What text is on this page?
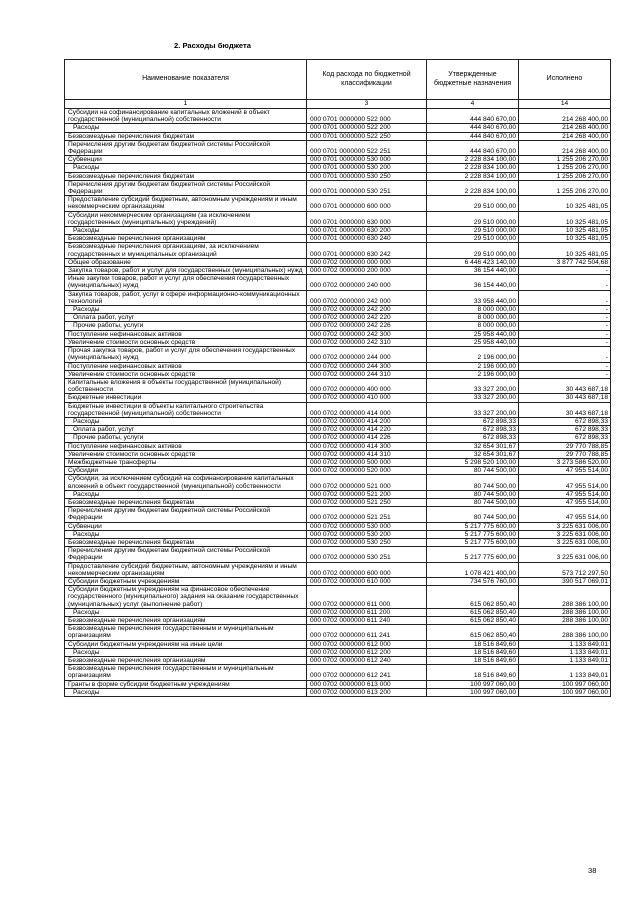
2. Расходы бюджета
Наименование показателя	Код расхода по бюджетной классификации	Утвержденные бюджетные назначения	Исполнено
1	3	4	14
Субсидии на софинансирование капитальных вложений в объект государственной (муниципальной) собственности	000 0701 0000000 522 000	444 840 670,00	214 268 400,00
Расходы	000 0701 0000000 522 200	444 840 670,00	214 268 400,00
Безвозмездные перечисления бюджетам	000 0701 0000000 522 250	444 840 670,00	214 268 400,00
Перечисления другим бюджетам бюджетной системы Российской Федерации	000 0701 0000000 522 251	444 840 670,00	214 268 400,00
Субвенции	000 0701 0000000 530 000	2 228 834 100,00	1 255 206 270,00
Расходы	000 0701 0000000 530 200	2 228 834 100,00	1 255 206 270,00
Безвозмездные перечисления бюджетам	000 0701 0000000 530 250	2 228 834 100,00	1 255 206 270,00
Перечисления другим бюджетам бюджетной системы Российской Федерации	000 0701 0000000 530 251	2 228 834 100,00	1 255 206 270,00
Предоставление субсидий бюджетным, автономным учреждениям и иным некоммерческим организациям	000 0701 0000000 600 000	29 510 000,00	10 325 481,05
Субсидии некоммерческим организациям (за исключением государственных (муниципальных) учреждений)	000 0701 0000000 630 000	29 510 000,00	10 325 481,05
Расходы	000 0701 0000000 630 200	29 510 000,00	10 325 481,05
Безвозмездные перечисления организациям	000 0701 0000000 630 240	29 510 000,00	10 325 481,05
Безвозмездные перечисления организациям, за исключением государственных и муниципальных организаций	000 0701 0000000 630 242	29 510 000,00	10 325 481,05
Общее образование	000 0702 0000000 000 000	6 446 423 140,00	3 877 742 504,68
Закупка товаров, работ и услуг для государственных (муниципальных) нужд	000 0702 0000000 200 000	36 154 440,00	-
Иные закупки товаров, работ и услуг для обеспечения государственных (муниципальных) нужд	000 0702 0000000 240 000	36 154 440,00	-
Закупка товаров, работ, услуг в сфере информационно-коммуникационных технологий	000 0702 0000000 242 000	33 958 440,00	-
Расходы	000 0702 0000000 242 200	8 000 000,00	-
Оплата работ, услуг	000 0702 0000000 242 220	8 000 000,00	-
Прочие работы, услуги	000 0702 0000000 242 226	8 000 000,00	-
Поступление нефинансовых активов	000 0702 0000000 242 300	25 958 440,00	-
Увеличение стоимости основных средств	000 0702 0000000 242 310	25 958 440,00	-
Прочая закупка товаров, работ и услуг для обеспечения государственных (муниципальных) нужд	000 0702 0000000 244 000	2 196 000,00	-
Поступление нефинансовых активов	000 0702 0000000 244 300	2 196 000,00	-
Увеличение стоимости основных средств	000 0702 0000000 244 310	2 196 000,00	-
Капитальные вложения в объекты государственной (муниципальной) собственности	000 0702 0000000 400 000	33 327 200,00	30 443 687,18
Бюджетные инвестиции	000 0702 0000000 410 000	33 327 200,00	30 443 687,18
Бюджетные инвестиции в объекты капитального строительства государственной (муниципальной) собственности	000 0702 0000000 414 000	33 327 200,00	30 443 687,18
Расходы	000 0702 0000000 414 200	672 898,33	672 898,33
Оплата работ, услуг	000 0702 0000000 414 220	672 898,33	672 898,33
Прочие работы, услуги	000 0702 0000000 414 226	672 898,33	672 898,33
Поступление нефинансовых активов	000 0702 0000000 414 300	32 654 301,67	29 770 788,85
Увеличение стоимости основных средств	000 0702 0000000 414 310	32 654 301,67	29 770 788,85
Межбюджетные трансферты	000 0702 0000000 500 000	5 298 520 100,00	3 273 586 520,00
Субсидии	000 0702 0000000 520 000	80 744 500,00	47 955 514,00
Субсидии, за исключением субсидий на софинансирование капитальных вложений в объект государственной (муниципальной) собственности	000 0702 0000000 521 000	80 744 500,00	47 955 514,00
Расходы	000 0702 0000000 521 200	80 744 500,00	47 955 514,00
Безвозмездные перечисления бюджетам	000 0702 0000000 521 250	80 744 500,00	47 955 514,00
Перечисления другим бюджетам бюджетной системы Российской Федерации	000 0702 0000000 521 251	80 744 500,00	47 955 514,00
Субвенции	000 0702 0000000 530 000	5 217 775 600,00	3 225 631 006,00
Расходы	000 0702 0000000 530 200	5 217 775 600,00	3 225 631 006,00
Безвозмездные перечисления бюджетам	000 0702 0000000 530 250	5 217 775 600,00	3 225 631 006,00
Перечисления другим бюджетам бюджетной системы Российской Федерации	000 0702 0000000 530 251	5 217 775 600,00	3 225 631 006,00
Предоставление субсидий бюджетным, автономным учреждениям и иным некоммерческим организациям	000 0702 0000000 600 000	1 078 421 400,00	573 712 297,50
Субсидии бюджетным учреждениям	000 0702 0000000 610 000	734 576 760,00	390 517 069,01
Субсидии бюджетным учреждениям на финансовое обеспечение государственного (муниципального) задания на оказание государственных (муниципальных) услуг (выполнение работ)	000 0702 0000000 611 000	615 062 850,40	288 386 100,00
Расходы	000 0702 0000000 611 200	615 062 850,40	288 386 100,00
Безвозмездные перечисления организациям	000 0702 0000000 611 240	615 062 850,40	288 386 100,00
Безвозмездные перечисления государственным и муниципальным организациям	000 0702 0000000 611 241	615 062 850,40	288 386 100,00
Субсидии бюджетным учреждениям на иные цели	000 0702 0000000 612 000	18 516 849,60	1 133 849,01
Расходы	000 0702 0000000 612 200	18 516 849,60	1 133 849,01
Безвозмездные перечисления организациям	000 0702 0000000 612 240	18 516 849,60	1 133 849,01
Безвозмездные перечисления государственным и муниципальным организациям	000 0702 0000000 612 241	18 516 849,60	1 133 849,01
Гранты в форме субсидии бюджетным учреждениям	000 0702 0000000 613 000	100 997 060,00	100 997 060,00
Расходы	000 0702 0000000 613 200	100 997 060,00	100 997 060,00
38
